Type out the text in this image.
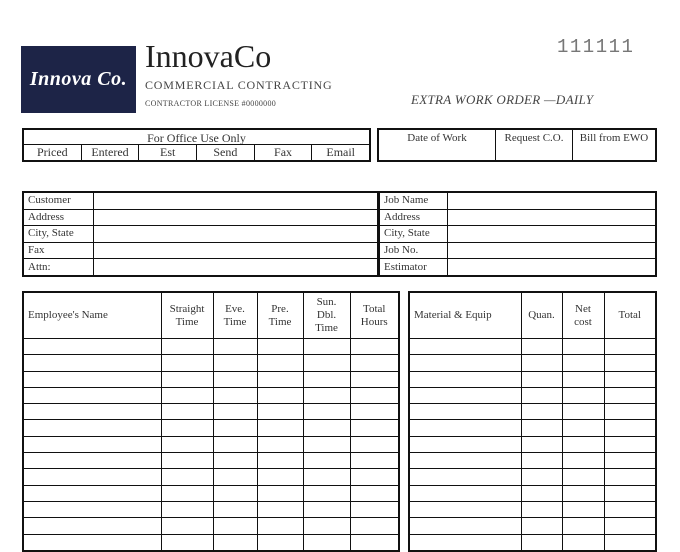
Innova Co.
InnovaCo
COMMERCIAL CONTRACTING
CONTRACTOR LICENSE #0000000
111111
EXTRA WORK ORDER —DAILY
For Office Use Only
Priced	Entered	Est	Send	Fax	Email
Date of Work	Request C.O.	Bill from EWO
Customer	
Address	
City, State	
Fax	
Attn:	
Job Name	
Address	
City, State	
Job No.	
Estimator	
Employee's Name	Straight Time	Eve. Time	Pre. Time	Sun. Dbl. Time	Total Hours

Material & Equip	Quan.	Net cost	Total
